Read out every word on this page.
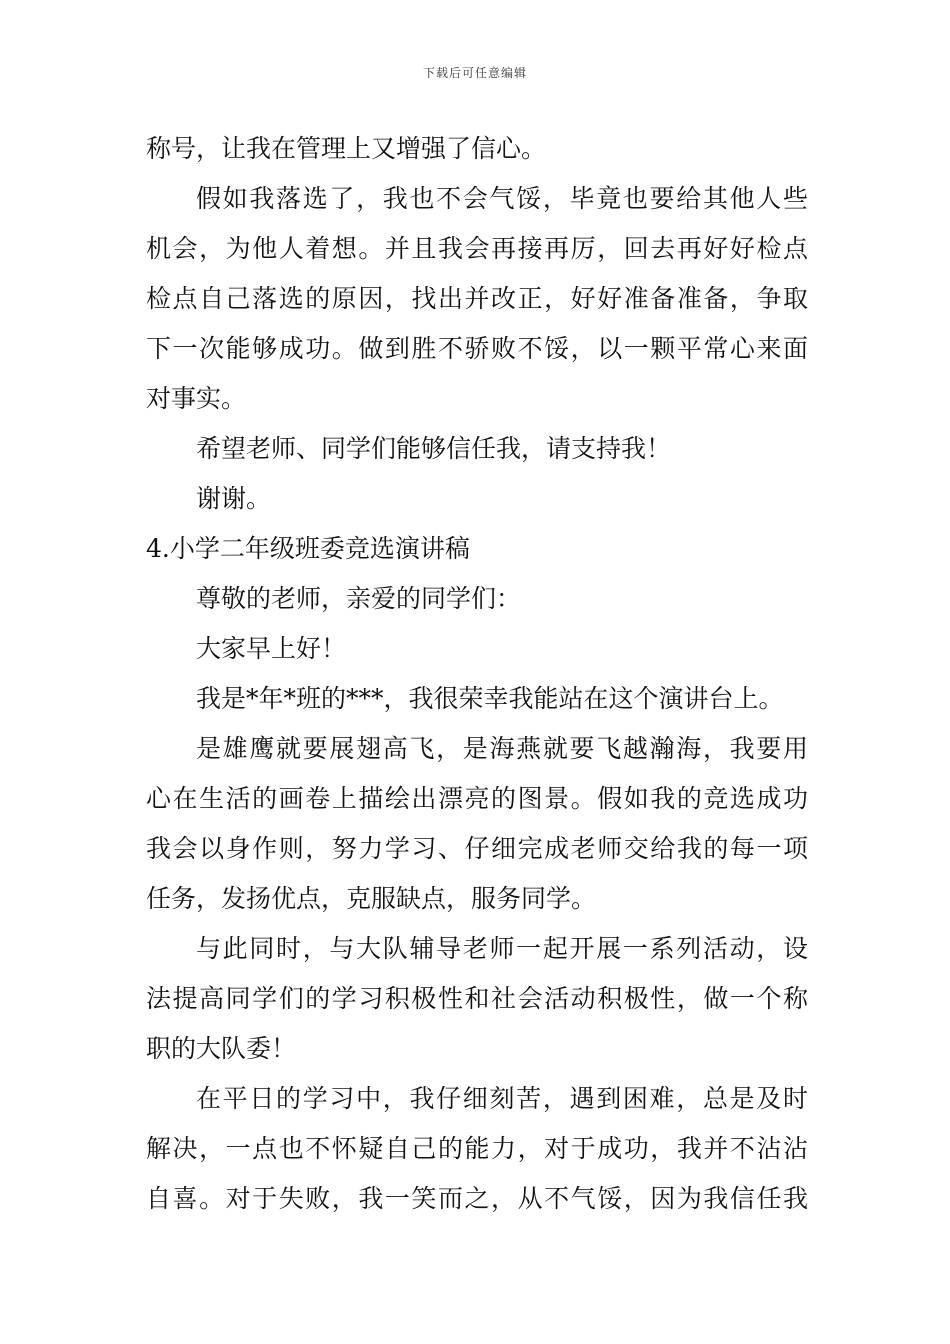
下载后可任意编辑
称号，让我在管理上又增强了信心。
假如我落选了，我也不会气馁，毕竟也要给其他人些
机会，为他人着想。并且我会再接再厉，回去再好好检点
检点自己落选的原因，找出并改正，好好准备准备，争取
下一次能够成功。做到胜不骄败不馁，以一颗平常心来面
对事实。
希望老师、同学们能够信任我，请支持我！
谢谢。
4.小学二年级班委竞选演讲稿
尊敬的老师，亲爱的同学们：
大家早上好！
我是*年*班的***，我很荣幸我能站在这个演讲台上。
是雄鹰就要展翅高飞，是海燕就要飞越瀚海，我要用
心在生活的画卷上描绘出漂亮的图景。假如我的竞选成功
我会以身作则，努力学习、仔细完成老师交给我的每一项
任务，发扬优点，克服缺点，服务同学。
与此同时，与大队辅导老师一起开展一系列活动，设
法提高同学们的学习积极性和社会活动积极性，做一个称
职的大队委！
在平日的学习中，我仔细刻苦，遇到困难，总是及时
解决，一点也不怀疑自己的能力，对于成功，我并不沾沾
自喜。对于失败，我一笑而之，从不气馁，因为我信任我
